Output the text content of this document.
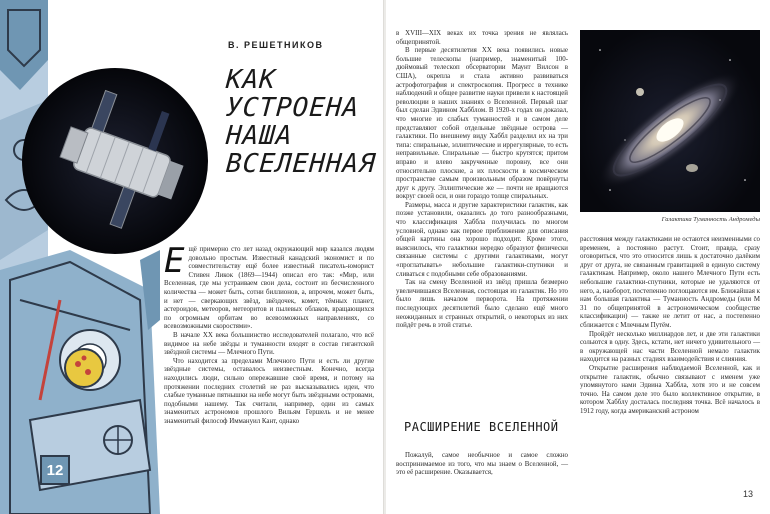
В. РЕШЕТНИКОВ
КАК
УСТРОЕНА
НАША
ВСЕЛЕННАЯ

Ещё примерно сто лет назад окружающий мир казался людям довольно простым. Известный канадский экономист и по совместительству ещё более известный писатель-юморист Стивен Ликок (1869—1944) описал его так: «Мир, или Вселенная, где мы устраиваем свои дела, состоит из бесчисленного количества — может быть, сотни биллионов, а, впрочем, может быть, и нет — сверкающих звёзд, звёздочек, комет, тёмных планет, астероидов, метеоров, метеоритов и пылевых облаков, вращающихся по огромным орбитам во всевозможных направлениях, со всевозможными скоростями».

В начале XX века большинство исследователей полагало, что всё видимое на небе звёзды и туманности входят в состав гигантской звёздной системы — Млечного Пути.

Что находится за пределами Млечного Пути и есть ли другие звёздные системы, оставалось неизвестным. Конечно, всегда находились люди, сильно опережавшие своё время, и потому на протяжении последних столетий не раз высказывались идеи, что слабые туманные пятнышки на небе могут быть звёздными островами, подобными нашему. Так считали, например, один из самых знаменитых астрономов прошлого Вильям Гершель и не менее знаменитый философ Иммануил Кант, однако

12

в XVIII—XIX веках их точка зрения не являлась общепринятой.

В первые десятилетия XX века появились новые большие телескопы (например, знаменитый 100-дюймовый телескоп обсерватории Маунт Вилсон в США), окрепла и стала активно развиваться астрофотография и спектроскопия. Прогресс в технике наблюдений и общее развитие науки привели к настоящей революции в наших знаниях о Вселенной. Первый шаг был сделан Эдвином Хабблом. В 1920-х годах он доказал, что многие из слабых туманностей и в самом деле представляют собой отдельные звёздные острова — галактики. По внешнему виду Хаббл разделил их на три типа: спиральные, эллиптические и иррегулярные, то есть неправильные. Спиральные — быстро крутятся; притом вправо и влево закрученные поровну, все они относительно плоские, а их плоскости в космическом пространстве самым произвольным образом повёрнуты друг к другу. Эллиптические же — почти не вращаются вокруг своей оси, и они гораздо толще спиральных.

Размеры, масса и другие характеристики галактик, как позже установили, оказались до того разнообразными, что классификация Хаббла получилась по многом условной, однако как первое приближение для описания общей картины она хорошо подходит. Кроме этого, выяснилось, что галактики нередко образуют физически связанные системы с другими галактиками, могут «проглатывать» небольшие галактики-спутники и сливаться с подобными себе образованиями.

Так на смену Вселенной из звёзд пришла безмерно увеличившаяся Вселенная, состоящая из галактик. Но это было лишь началом перворота. На протяжении последующих десятилетий было сделано ещё много неожиданных и странных открытий, о некоторых из них пойдёт речь в этой статье.

РАСШИРЕНИЕ ВСЕЛЕННОЙ

Пожалуй, самое необычное и самое сложно воспринимаемое из того, что мы знаем о Вселенной, — это её расширение. Оказывается,

Галактика Туманность Андромеды

расстояния между галактиками не остаются неизменными со временем, а постоянно растут. Стоит, правда, сразу оговориться, что это относится лишь к достаточно далёким друг от друга, не связанным гравитацией в единую систему галактикам. Например, около нашего Млечного Пути есть небольшие галактики-спутники, которые не удаляются от него, а, наоборот, постепенно поглощаются им. Ближайшая к нам большая галактика — Туманность Андромеды (или М 31 по общепринятой в астрономическом сообществе классификации) — также не летит от нас, а постепенно сближается с Млечным Путём.

Пройдёт несколько миллиардов лет, и две эти галактики сольются в одну. Здесь, кстати, нет ничего удивительного — в окружающей нас части Вселенной немало галактик находится на разных стадиях взаимодействия и слияния.

Открытие расширения наблюдаемой Вселенной, как и открытие галактик, обычно связывают с именем уже упомянутого нами Эдвина Хаббла, хотя это и не совсем точно. На самом деле это было коллективное открытие, в котором Хабблу досталась последняя точка. Всё началось в 1912 году, когда американский астроном

13
